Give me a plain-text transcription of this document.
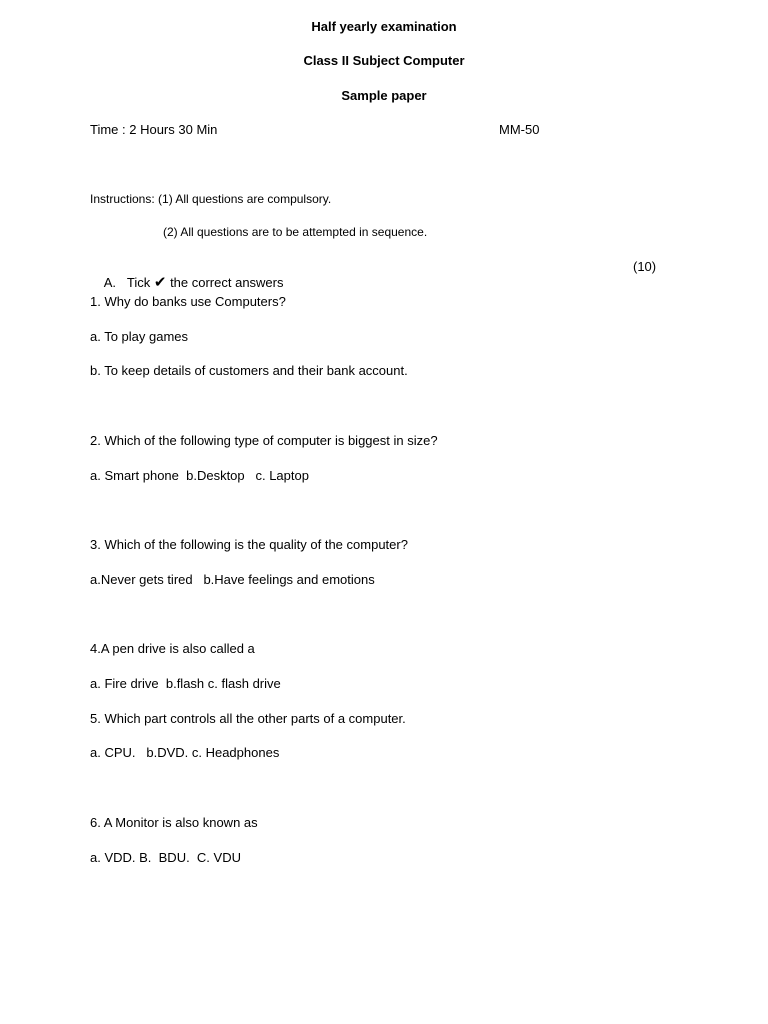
Half yearly examination
Class II Subject Computer
Sample paper
Time : 2 Hours 30 Min	MM-50
Instructions: (1) All questions are compulsory.
(2) All questions are to be attempted in sequence.

A. Tick ✔ the correct answers

(10)
1. Why do banks use Computers?
a. To play games
b. To keep details of customers and their bank account.
2. Which of the following type of computer is biggest in size?
a. Smart phone  b.Desktop   c. Laptop
3. Which of the following is the quality of the computer?
a.Never gets tired   b.Have feelings and emotions
4.A pen drive is also called a
a. Fire drive  b.flash c. flash drive
5. Which part controls all the other parts of a computer.
a. CPU.   b.DVD. c. Headphones
6. A Monitor is also known as
a. VDD. B.  BDU.  C. VDU
